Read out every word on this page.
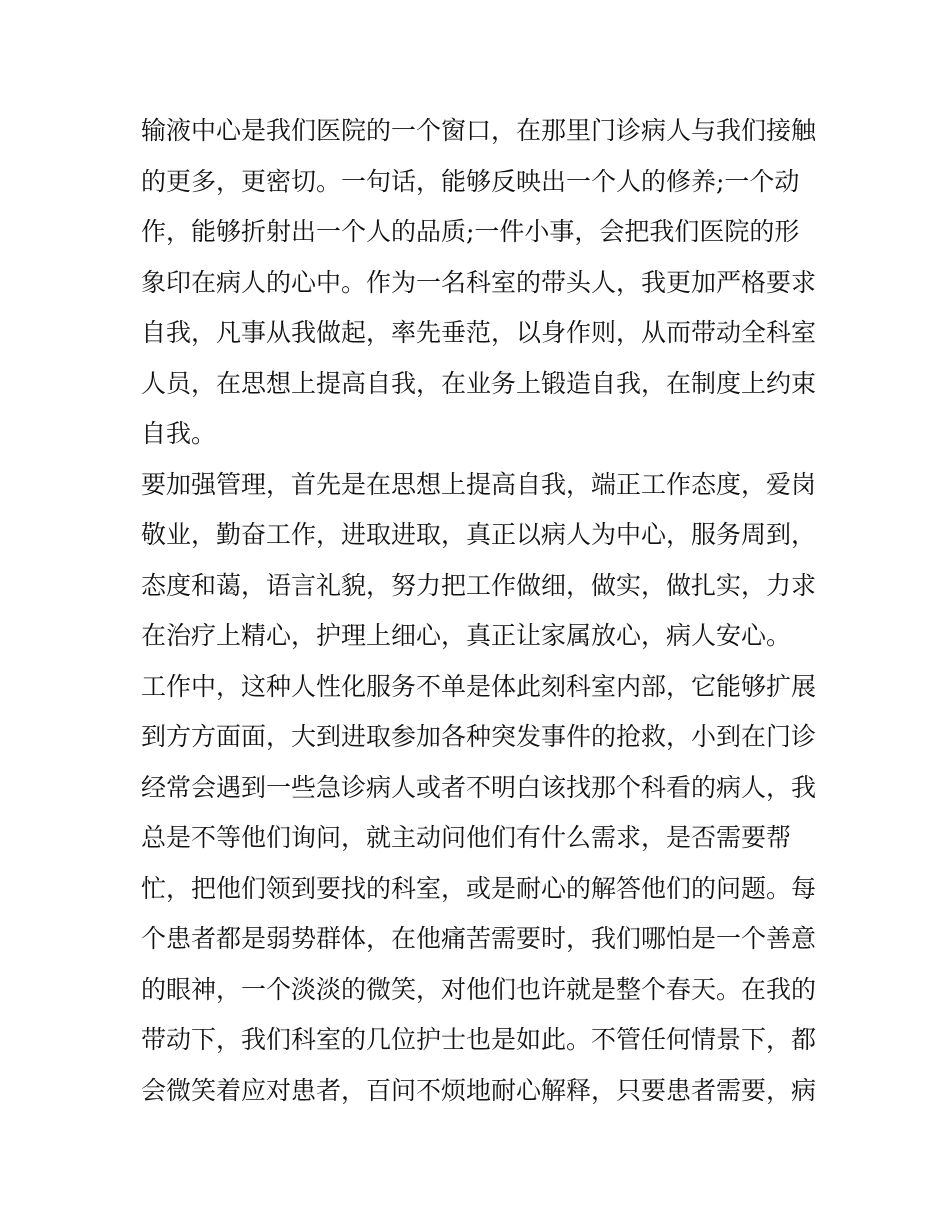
输液中心是我们医院的一个窗口，在那里门诊病人与我们接触
的更多，更密切。一句话，能够反映出一个人的修养;一个动
作，能够折射出一个人的品质;一件小事，会把我们医院的形
象印在病人的心中。作为一名科室的带头人，我更加严格要求
自我，凡事从我做起，率先垂范，以身作则，从而带动全科室
人员，在思想上提高自我，在业务上锻造自我，在制度上约束
自我。
要加强管理，首先是在思想上提高自我，端正工作态度，爱岗
敬业，勤奋工作，进取进取，真正以病人为中心，服务周到，
态度和蔼，语言礼貌，努力把工作做细，做实，做扎实，力求
在治疗上精心，护理上细心，真正让家属放心，病人安心。
工作中，这种人性化服务不单是体此刻科室内部，它能够扩展
到方方面面，大到进取参加各种突发事件的抢救，小到在门诊
经常会遇到一些急诊病人或者不明白该找那个科看的病人，我
总是不等他们询问，就主动问他们有什么需求，是否需要帮
忙，把他们领到要找的科室，或是耐心的解答他们的问题。每
个患者都是弱势群体，在他痛苦需要时，我们哪怕是一个善意
的眼神，一个淡淡的微笑，对他们也许就是整个春天。在我的
带动下，我们科室的几位护士也是如此。不管任何情景下，都
会微笑着应对患者，百问不烦地耐心解释，只要患者需要，病
